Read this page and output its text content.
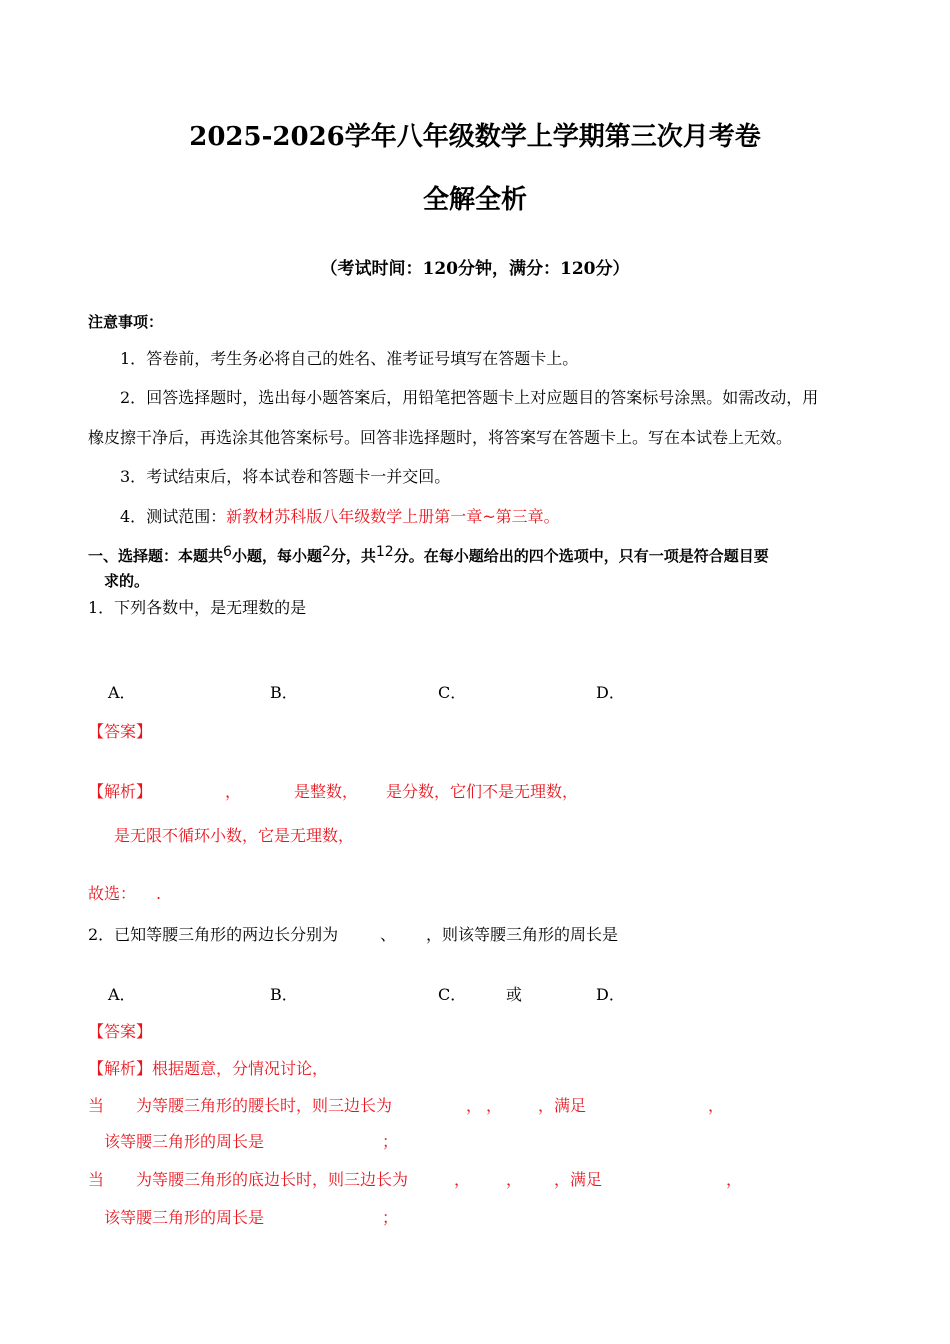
2025-2026学年八年级数学上学期第三次月考卷
全解全析
（考试时间：120分钟，满分：120分）
注意事项：
1．答卷前，考生务必将自己的姓名、准考证号填写在答题卡上。
2．回答选择题时，选出每小题答案后，用铅笔把答题卡上对应题目的答案标号涂黑。如需改动，用
橡皮擦干净后，再选涂其他答案标号。回答非选择题时，将答案写在答题卡上。写在本试卷上无效。
3．考试结束后，将本试卷和答题卡一并交回。
4．测试范围：新教材苏科版八年级数学上册第一章~第三章。
一、选择题：本题共6小题，每小题2分，共12分。在每小题给出的四个选项中，只有一项是符合题目要
求的。
1．下列各数中，是无理数的是
A．	B．	C．	D．
【答案】
【解析】	，	是整数， 是分数，它们不是无理数，
是无限不循环小数，它是无理数，
故选： .
2．已知等腰三角形的两边长分别为	、 ，则该等腰三角形的周长是
A．	B．	C． 或	D．
【答案】
【解析】根据题意，分情况讨论，
当 为等腰三角形的腰长时，则三边长为	， ， ，满足	，
该等腰三角形的周长是	；
当 为等腰三角形的底边长时，则三边长为	， ， ，满足	，
该等腰三角形的周长是	；
